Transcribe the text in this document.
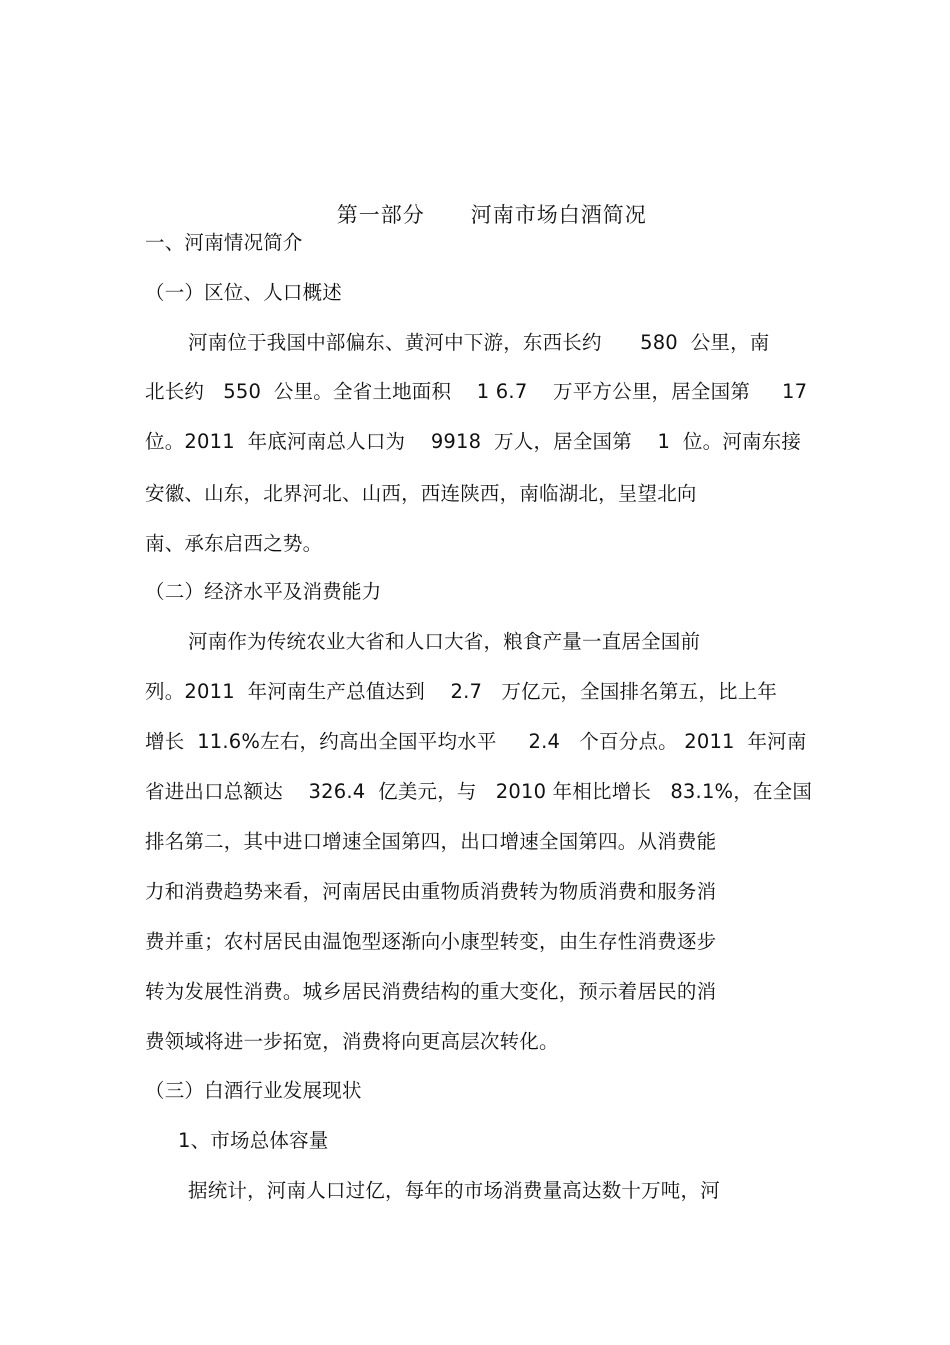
第一部分 河南市场白酒简况

一、河南情况简介
（一）区位、人口概述
河南位于我国中部偏东、黄河中下游，东西长约      580  公里，南
北长约   550  公里。全省土地面积    1 6.7    万平方公里，居全国第     17
位。2011  年底河南总人口为    9918  万人，居全国第    1  位。河南东接
安徽、山东，北界河北、山西，西连陕西，南临湖北，呈望北向
南、承东启西之势。
（二）经济水平及消费能力
河南作为传统农业大省和人口大省，粮食产量一直居全国前
列。2011  年河南生产总值达到    2.7   万亿元，全国排名第五，比上年
增长  11.6%左右，约高出全国平均水平     2.4   个百分点。 2011  年河南
省进出口总额达    326.4  亿美元，与   2010 年相比增长   83.1%，在全国
排名第二，其中进口增速全国第四，出口增速全国第四。从消费能
力和消费趋势来看，河南居民由重物质消费转为物质消费和服务消
费并重；农村居民由温饱型逐渐向小康型转变，由生存性消费逐步
转为发展性消费。城乡居民消费结构的重大变化，预示着居民的消
费领域将进一步拓宽，消费将向更高层次转化。
（三）白酒行业发展现状
1、市场总体容量
据统计，河南人口过亿，每年的市场消费量高达数十万吨，河
